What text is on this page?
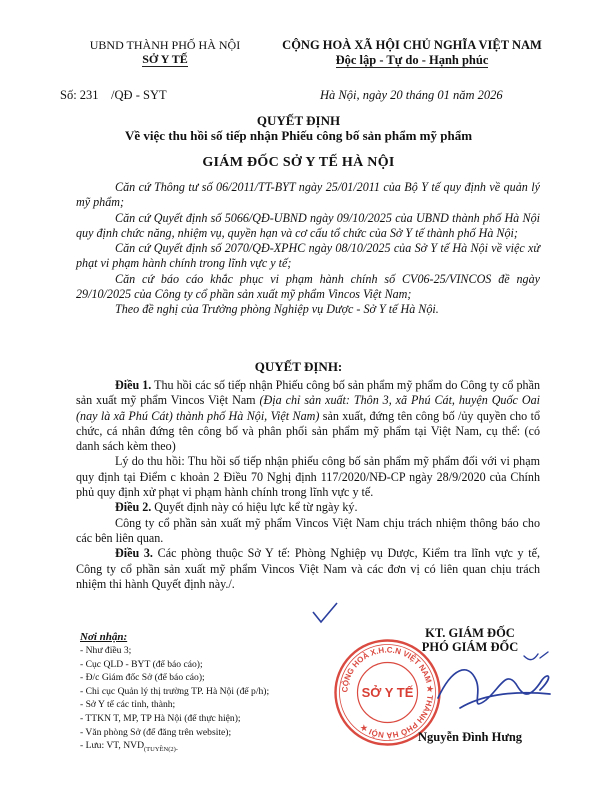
UBND THÀNH PHỐ HÀ NỘI
SỞ Y TẾ
CỘNG HOÀ XÃ HỘI CHỦ NGHĨA VIỆT NAM
Độc lập - Tự do - Hạnh phúc
Số: 231    /QĐ - SYT	Hà Nội, ngày 20 tháng 01 năm 2026
QUYẾT ĐỊNH
Về việc thu hồi số tiếp nhận Phiếu công bố sản phẩm mỹ phẩm
GIÁM ĐỐC SỞ Y TẾ HÀ NỘI

Căn cứ Thông tư số 06/2011/TT-BYT ngày 25/01/2011 của Bộ Y tế quy định về quản lý mỹ phẩm;

Căn cứ Quyết định số 5066/QĐ-UBND ngày 09/10/2025 của UBND thành phố Hà Nội quy định chức năng, nhiệm vụ, quyền hạn và cơ cấu tổ chức của Sở Y tế thành phố Hà Nội;

Căn cứ Quyết định số 2070/QĐ-XPHC ngày 08/10/2025 của Sở Y tế Hà Nội về việc xử phạt vi phạm hành chính trong lĩnh vực y tế;

Căn cứ báo cáo khắc phục vi phạm hành chính số CV06-25/VINCOS đề ngày 29/10/2025 của Công ty cổ phần sản xuất mỹ phẩm Vincos Việt Nam;

Theo đề nghị của Trưởng phòng Nghiệp vụ Dược - Sở Y tế Hà Nội.

QUYẾT ĐỊNH:

Điều 1. Thu hồi các số tiếp nhận Phiếu công bố sản phẩm mỹ phẩm do Công ty cổ phần sản xuất mỹ phẩm Vincos Việt Nam (Địa chỉ sản xuất: Thôn 3, xã Phú Cát, huyện Quốc Oai (nay là xã Phú Cát) thành phố Hà Nội, Việt Nam) sản xuất, đứng tên công bố /ủy quyền cho tổ chức, cá nhân đứng tên công bố và phân phối sản phẩm mỹ phẩm tại Việt Nam, cụ thể: (có danh sách kèm theo)

Lý do thu hồi: Thu hồi số tiếp nhận phiếu công bố sản phẩm mỹ phẩm đối với vi phạm quy định tại Điểm c khoản 2 Điều 70 Nghị định 117/2020/NĐ-CP ngày 28/9/2020 của Chính phủ quy định xử phạt vi phạm hành chính trong lĩnh vực y tế.

Điều 2. Quyết định này có hiệu lực kể từ ngày ký.

Công ty cổ phần sản xuất mỹ phẩm Vincos Việt Nam chịu trách nhiệm thông báo cho các bên liên quan.

Điều 3. Các phòng thuộc Sở Y tế: Phòng Nghiệp vụ Dược, Kiểm tra lĩnh vực y tế, Công ty cổ phần sản xuất mỹ phẩm Vincos Việt Nam và các đơn vị có liên quan chịu trách nhiệm thi hành Quyết định này./.

Nơi nhận:
- Như điều 3;
- Cục QLD - BYT (để báo cáo);
- Đ/c Giám đốc Sở (để báo cáo);
- Chi cục Quản lý thị trường TP. Hà Nội (để p/h);
- Sở Y tế các tỉnh, thành;
- TTKN T, MP, TP Hà Nội (để thực hiện);
- Văn phòng Sở (để đăng trên website);
- Lưu: VT, $NVD_{(TUYỀN(2)-}$
KT. GIÁM ĐỐC
PHÓ GIÁM ĐỐC
CỘNG HOÀ X.H.C.N VIỆT NAM ★ THÀNH PHỐ HÀ NỘI ★
SỞ Y TẾ
Nguyễn Đình Hưng
